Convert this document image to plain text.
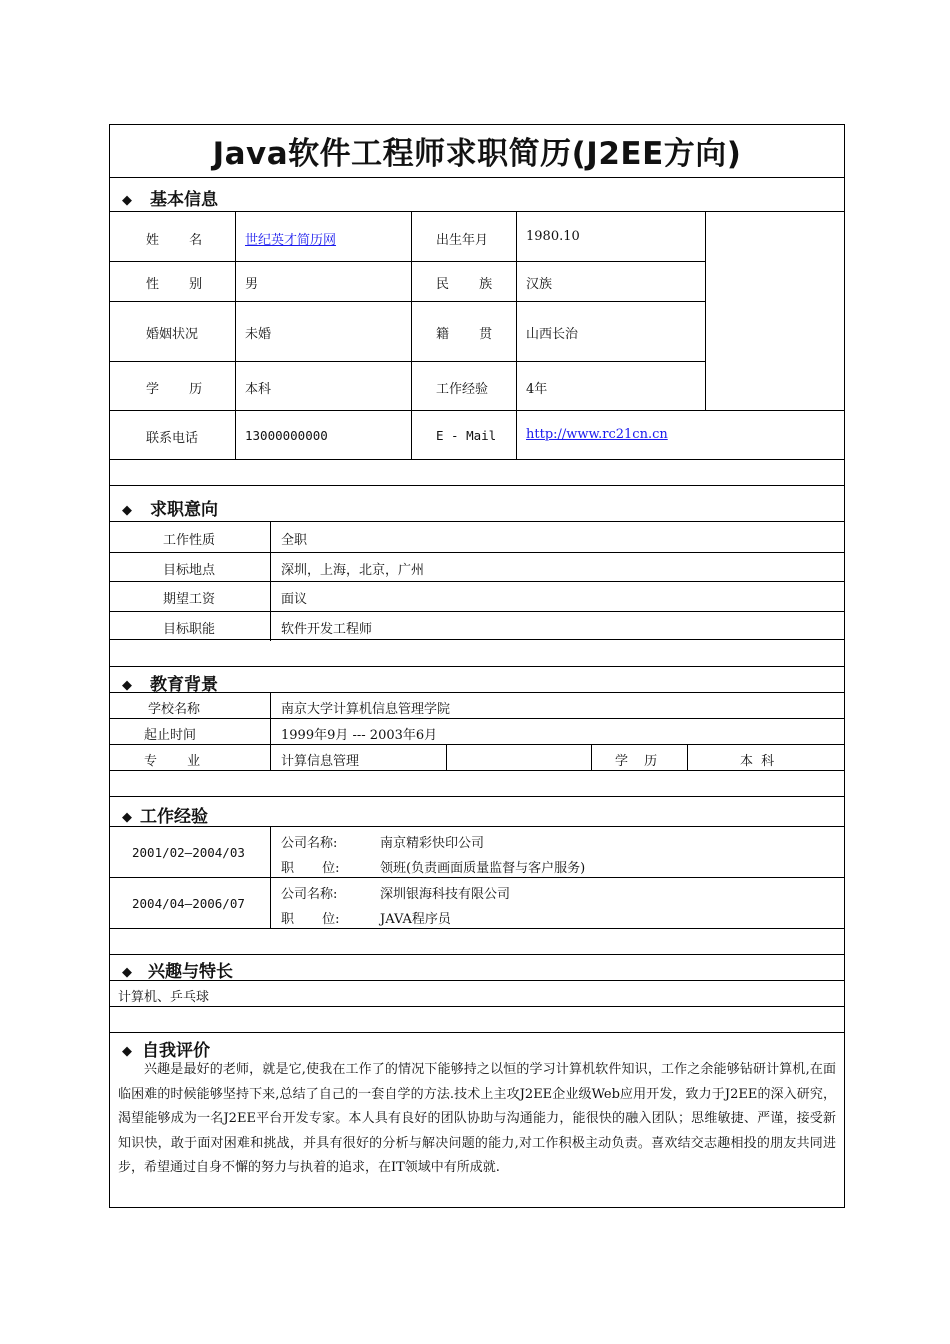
Java软件工程师求职简历(J2EE方向)
◆ 基本信息
◆ 求职意向
◆ 教育背景
◆ 工作经验
◆ 兴趣与特长
◆ 自我评价
姓 名	世纪英才简历网	出生年月	1980.10
性 别	男	民 族	汉族
婚姻状况	未婚	籍 贯	山西长治
学 历	本科	工作经验	4年
联系电话	13000000000	E - Mail http://www.rc21cn.cn
工作性质	全职
目标地点	深圳，上海，北京，广州
期望工资	面议
目标职能	软件开发工程师
学校名称	南京大学计算机信息管理学院
起止时间	1999年9月 --- 2003年6月
专 业	计算信息管理	学 历	本 科
2001/02—2004/03
公司名称:	南京精彩快印公司
职 位:	领班(负责画面质量监督与客户服务)
2004/04—2006/07
公司名称:	深圳银海科技有限公司
职 位:	JAVA程序员
计算机、乒乓球
兴趣是最好的老师，就是它,使我在工作了的情况下能够持之以恒的学习计算机软件知识，工作之余能够钻研计算机,在面临困难的时候能够坚持下来,总结了自己的一套自学的方法.技术上主攻J2EE企业级Web应用开发，致力于J2EE的深入研究，渴望能够成为一名J2EE平台开发专家。本人具有良好的团队协助与沟通能力，能很快的融入团队；思维敏捷、严谨，接受新知识快，敢于面对困难和挑战，并具有很好的分析与解决问题的能力,对工作积极主动负责。喜欢结交志趣相投的朋友共同进步，希望通过自身不懈的努力与执着的追求，在IT领域中有所成就.
